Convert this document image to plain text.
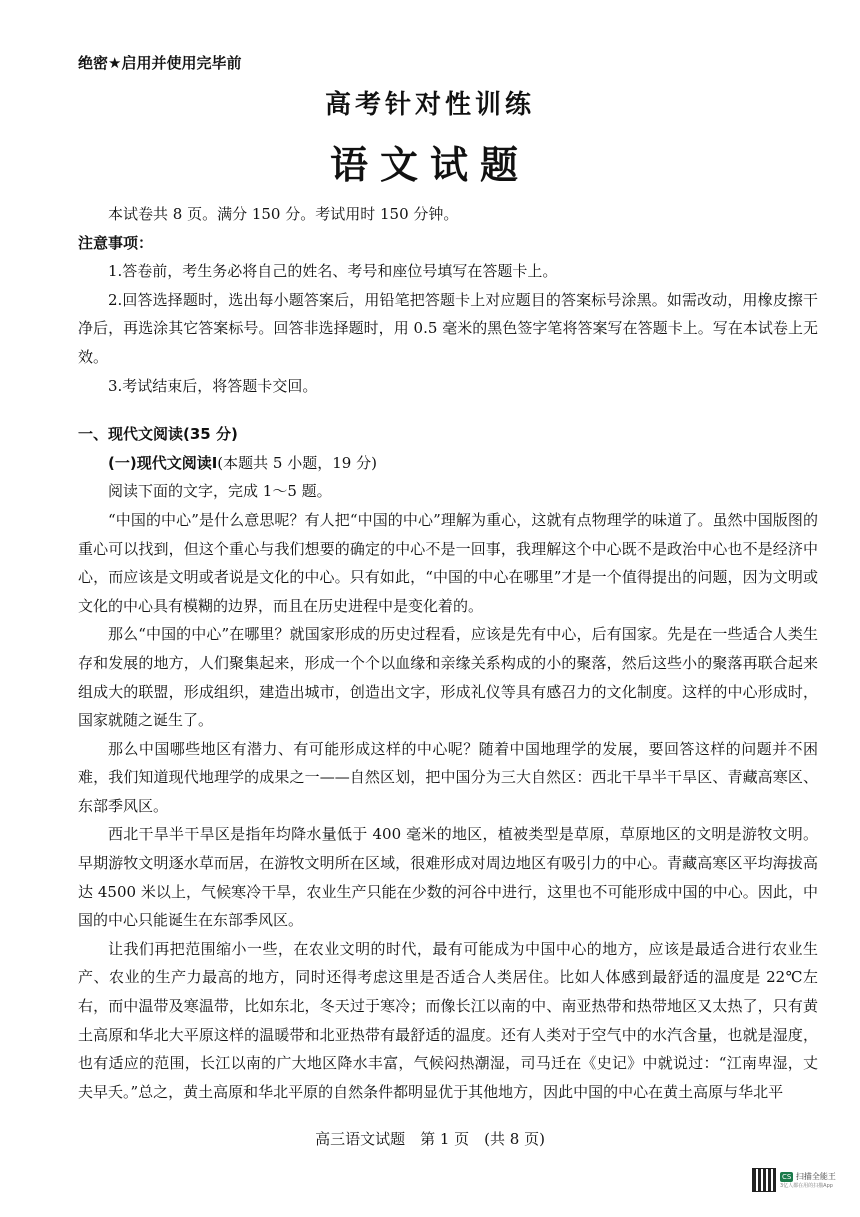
绝密★启用并使用完毕前
高考针对性训练
语文试题

本试卷共 8 页。满分 150 分。考试用时 150 分钟。

注意事项：

1.答卷前，考生务必将自己的姓名、考号和座位号填写在答题卡上。

2.回答选择题时，选出每小题答案后，用铅笔把答题卡上对应题目的答案标号涂黑。如需改动，用橡皮擦干净后，再选涂其它答案标号。回答非选择题时，用 0.5 毫米的黑色签字笔将答案写在答题卡上。写在本试卷上无效。

3.考试结束后，将答题卡交回。

一、现代文阅读(35 分)

(一)现代文阅读Ⅰ(本题共 5 小题，19 分)

阅读下面的文字，完成 1～5 题。

“中国的中心”是什么意思呢？有人把“中国的中心”理解为重心，这就有点物理学的味道了。虽然中国版图的重心可以找到，但这个重心与我们想要的确定的中心不是一回事，我理解这个中心既不是政治中心也不是经济中心，而应该是文明或者说是文化的中心。只有如此，“中国的中心在哪里”才是一个值得提出的问题，因为文明或文化的中心具有模糊的边界，而且在历史进程中是变化着的。

那么“中国的中心”在哪里？就国家形成的历史过程看，应该是先有中心，后有国家。先是在一些适合人类生存和发展的地方，人们聚集起来，形成一个个以血缘和亲缘关系构成的小的聚落，然后这些小的聚落再联合起来组成大的联盟，形成组织，建造出城市，创造出文字，形成礼仪等具有感召力的文化制度。这样的中心形成时，国家就随之诞生了。

那么中国哪些地区有潜力、有可能形成这样的中心呢？随着中国地理学的发展，要回答这样的问题并不困难，我们知道现代地理学的成果之一——自然区划，把中国分为三大自然区：西北干旱半干旱区、青藏高寒区、东部季风区。

西北干旱半干旱区是指年均降水量低于 400 毫米的地区，植被类型是草原，草原地区的文明是游牧文明。早期游牧文明逐水草而居，在游牧文明所在区域，很难形成对周边地区有吸引力的中心。青藏高寒区平均海拔高达 4500 米以上，气候寒冷干旱，农业生产只能在少数的河谷中进行，这里也不可能形成中国的中心。因此，中国的中心只能诞生在东部季风区。

让我们再把范围缩小一些，在农业文明的时代，最有可能成为中国中心的地方，应该是最适合进行农业生产、农业的生产力最高的地方，同时还得考虑这里是否适合人类居住。比如人体感到最舒适的温度是 22℃左右，而中温带及寒温带，比如东北，冬天过于寒冷；而像长江以南的中、南亚热带和热带地区又太热了，只有黄土高原和华北大平原这样的温暖带和北亚热带有最舒适的温度。还有人类对于空气中的水汽含量，也就是湿度，也有适应的范围，长江以南的广大地区降水丰富，气候闷热潮湿，司马迁在《史记》中就说过：“江南卑湿，丈夫早夭。”总之，黄土高原和华北平原的自然条件都明显优于其他地方，因此中国的中心在黄土高原与华北平

高三语文试题　第 1 页　(共 8 页)
CS 扫描全能王
3亿人都在用的扫描App
